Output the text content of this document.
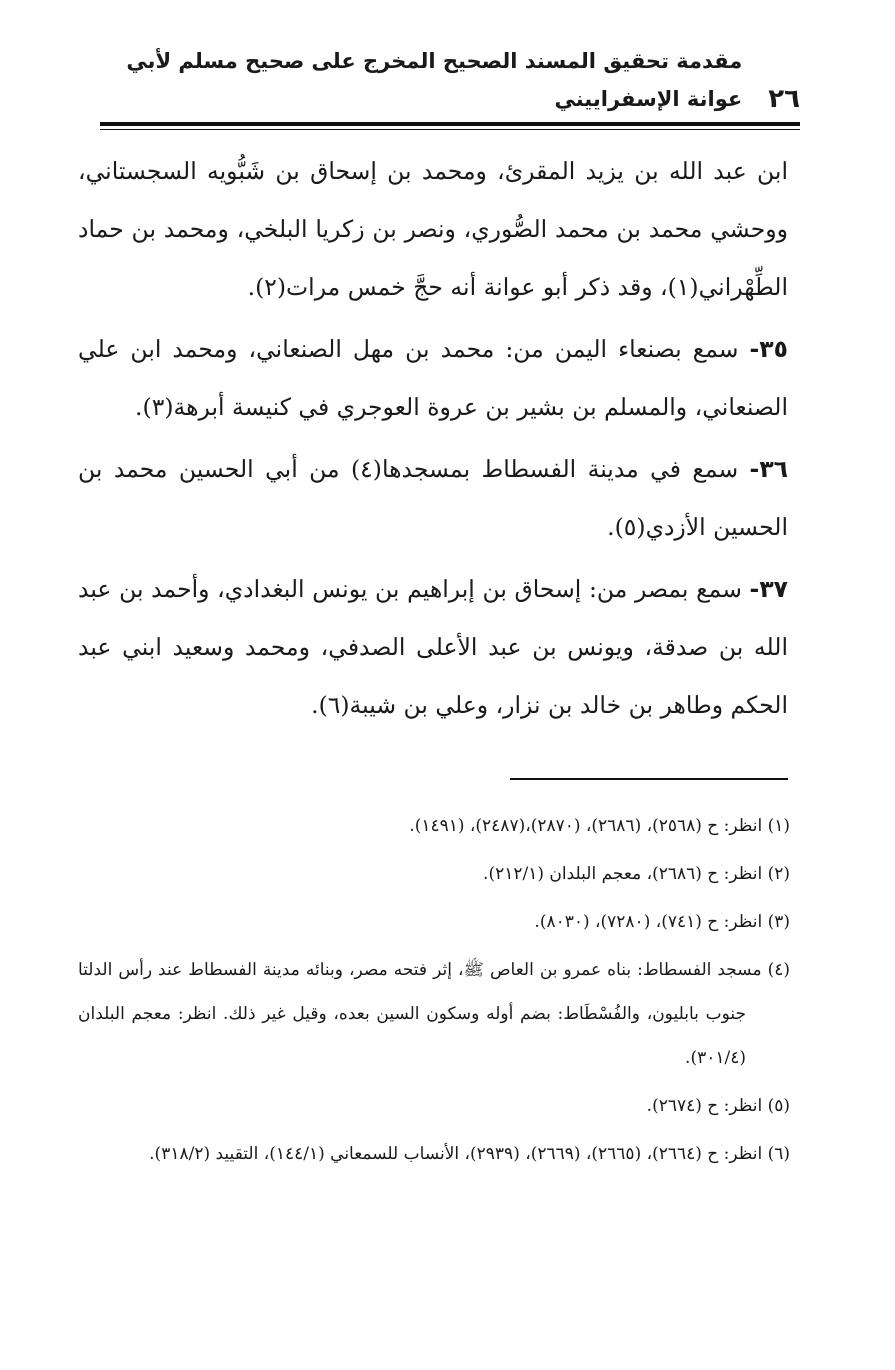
٢٦
مقدمة تحقيق المسند الصحيح المخرج على صحيح مسلم لأبي عوانة الإسفراييني

ابن عبد الله بن يزيد المقرئ، ومحمد بن إسحاق بن شَبُّويه السجستاني، ووحشي محمد بن محمد الصُّوري، ونصر بن زكريا البلخي، ومحمد بن حماد الطِّهْراني(١)، وقد ذكر أبو عوانة أنه حجَّ خمس مرات(٢).

٣٥- سمع بصنعاء اليمن من: محمد بن مهل الصنعاني، ومحمد ابن علي الصنعاني، والمسلم بن بشير بن عروة العوجري في كنيسة أبرهة(٣).

٣٦- سمع في مدينة الفسطاط بمسجدها(٤) من أبي الحسين محمد بن الحسين الأزدي(٥).

٣٧- سمع بمصر من: إسحاق بن إبراهيم بن يونس البغدادي، وأحمد بن عبد الله بن صدقة، ويونس بن عبد الأعلى الصدفي، ومحمد وسعيد ابني عبد الحكم وطاهر بن خالد بن نزار، وعلي بن شيبة(٦).

(١) انظر: ح (٢٥٦٨)، (٢٦٨٦)، (٢٨٧٠)،(٢٤٨٧)، (١٤٩١).

(٢) انظر: ح (٢٦٨٦)، معجم البلدان (٢١٢/١).

(٣) انظر: ح (٧٤١)، (٧٢٨٠)، (٨٠٣٠).

(٤) مسجد الفسطاط: بناه عمرو بن العاص ﷺ، إثر فتحه مصر، وبنائه مدينة الفسطاط عند رأس الدلتا جنوب بابليون، والفُسْطَاط: بضم أوله وسكون السين بعده، وقيل غير ذلك. انظر: معجم البلدان (٣٠١/٤).

(٥) انظر: ح (٢٦٧٤).

(٦) انظر: ح (٢٦٦٤)، (٢٦٦٥)، (٢٦٦٩)، (٢٩٣٩)، الأنساب للسمعاني (١٤٤/١)، التقييد (٣١٨/٢).
